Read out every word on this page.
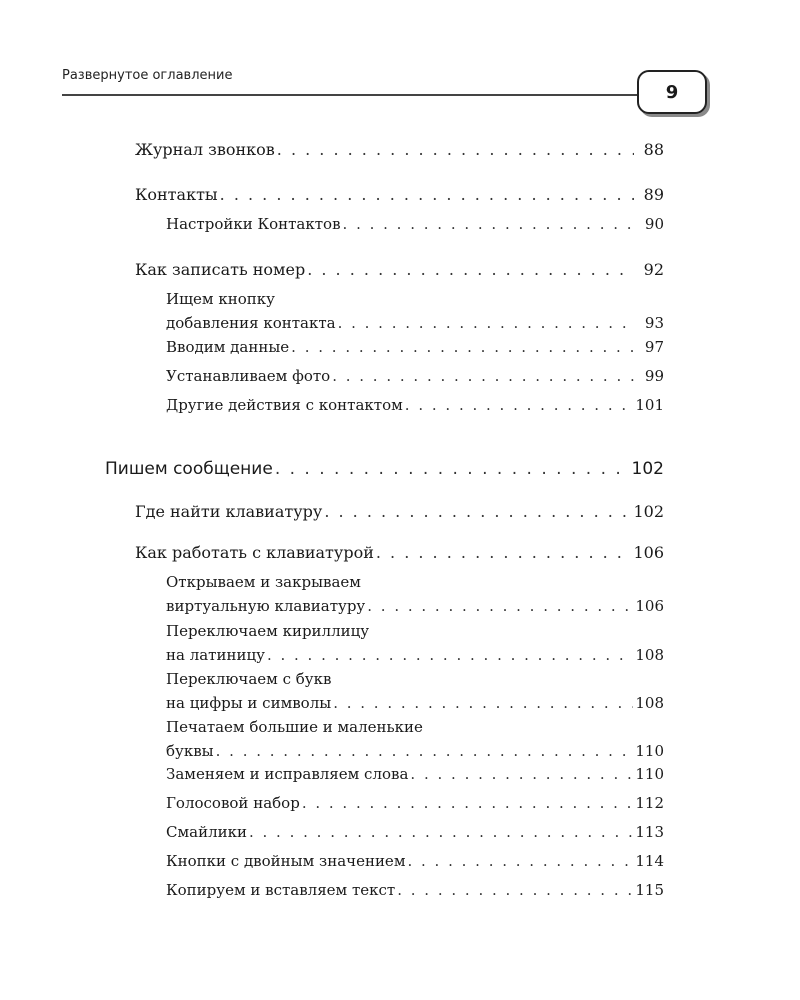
Развернутое оглавление
9
Журнал звонков . . .	88
Контакты . . .	89
Настройки Контактов . . .	90
Как записать номер . . .	92
Ищем кнопку
добавления контакта . . .	93
Вводим данные . . .	97
Устанавливаем фото . . .	99
Другие действия с контактом . . .	101
Пишем сообщение . . .	102
Где найти клавиатуру . . .	102
Как работать с клавиатурой . . .	106
Открываем и закрываем
виртуальную клавиатуру . . .	106
Переключаем кириллицу
на латиницу . . .	108
Переключаем с букв
на цифры и символы . . .	108
Печатаем большие и маленькие
буквы . . .	110
Заменяем и исправляем слова . . .	110
Голосовой набор . . .	112
Смайлики . . .	113
Кнопки с двойным значением . . .	114
Копируем и вставляем текст . . .	115
